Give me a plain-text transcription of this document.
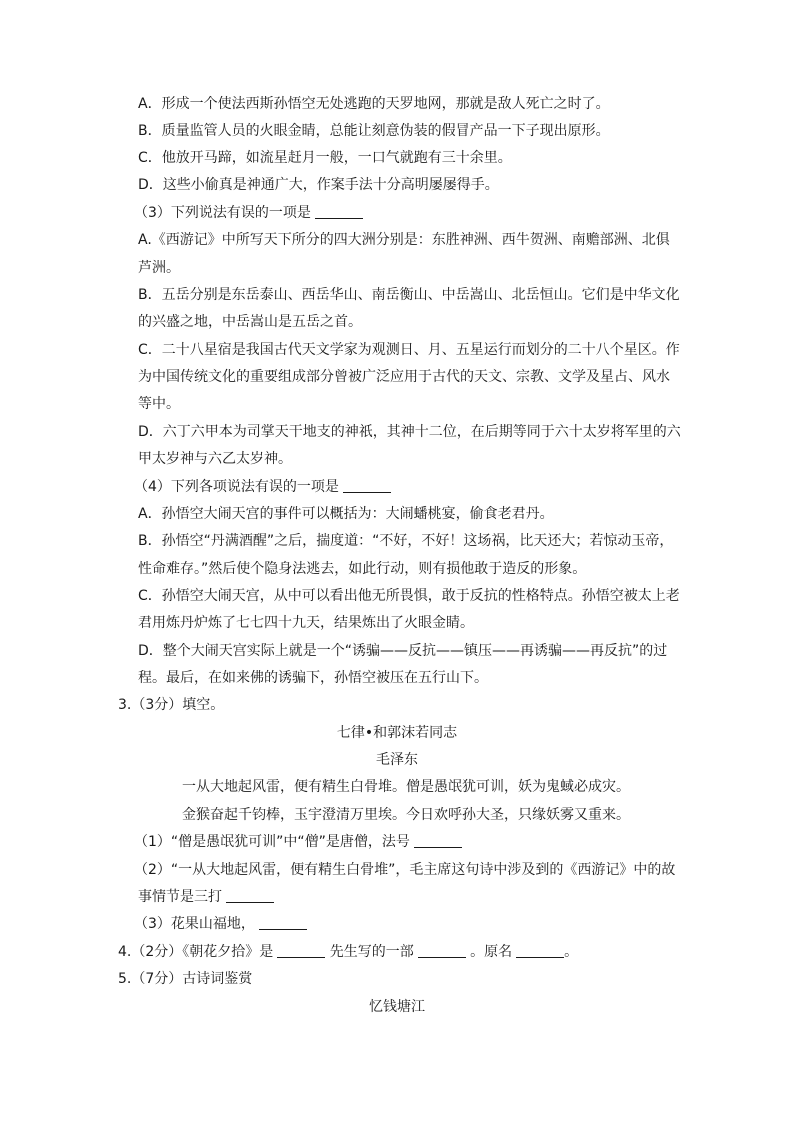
A．形成一个使法西斯孙悟空无处逃跑的天罗地网，那就是敌人死亡之时了。
B．质量监管人员的火眼金睛，总能让刻意伪装的假冒产品一下子现出原形。
C．他放开马蹄，如流星赶月一般，一口气就跑有三十余里。
D．这些小偷真是神通广大，作案手法十分高明屡屡得手。
（3）下列说法有误的一项是
A.《西游记》中所写天下所分的四大洲分别是：东胜神洲、西牛贺洲、南赡部洲、北俱
芦洲。
B．五岳分别是东岳泰山、西岳华山、南岳衡山、中岳嵩山、北岳恒山。它们是中华文化
的兴盛之地，中岳嵩山是五岳之首。
C．二十八星宿是我国古代天文学家为观测日、月、五星运行而划分的二十八个星区。作
为中国传统文化的重要组成部分曾被广泛应用于古代的天文、宗教、文学及星占、风水
等中。
D．六丁六甲本为司掌天干地支的神祇，其神十二位，在后期等同于六十太岁将军里的六
甲太岁神与六乙太岁神。
（4）下列各项说法有误的一项是
A．孙悟空大闹天宫的事件可以概括为：大闹蟠桃宴，偷食老君丹。
B．孙悟空“丹满酒醒”之后，揣度道：“不好，不好！这场祸，比天还大；若惊动玉帝，
性命难存。”然后使个隐身法逃去，如此行动，则有损他敢于造反的形象。
C．孙悟空大闹天宫，从中可以看出他无所畏惧，敢于反抗的性格特点。孙悟空被太上老
君用炼丹炉炼了七七四十九天，结果炼出了火眼金睛。
D．整个大闹天宫实际上就是一个“诱骗——反抗——镇压——再诱骗——再反抗”的过
程。最后，在如来佛的诱骗下，孙悟空被压在五行山下。
3.（3分）填空。
七律•和郭沫若同志
毛泽东
一从大地起风雷，便有精生白骨堆。僧是愚氓犹可训，妖为鬼蜮必成灾。
金猴奋起千钧棒，玉宇澄清万里埃。今日欢呼孙大圣，只缘妖雾又重来。
（1）“僧是愚氓犹可训”中“僧”是唐僧，法号
（2）“一从大地起风雷，便有精生白骨堆”，毛主席这句诗中涉及到的《西游记》中的故
事情节是三打
（3）花果山福地，
4.（2分）《朝花夕拾》是	先生写的一部	。原名	。
5.（7分）古诗词鉴赏
忆钱塘江
